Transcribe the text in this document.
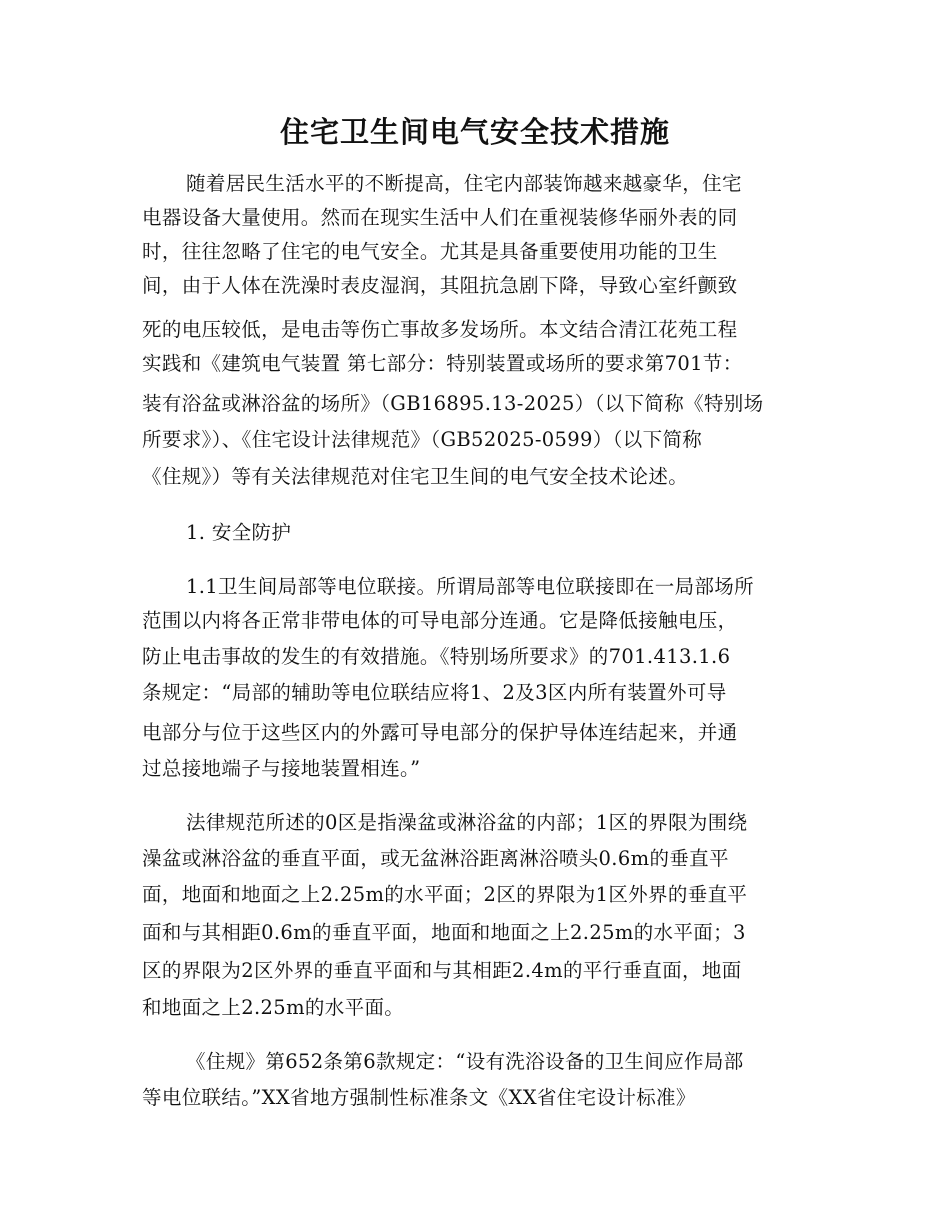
住宅卫生间电气安全技术措施
随着居民生活水平的不断提高，住宅内部装饰越来越豪华，住宅
电器设备大量使用。然而在现实生活中人们在重视装修华丽外表的同
时，往往忽略了住宅的电气安全。尤其是具备重要使用功能的卫生
间，由于人体在洗澡时表皮湿润，其阻抗急剧下降，导致心室纤颤致
死的电压较低，是电击等伤亡事故多发场所。本文结合清江花苑工程
实践和《建筑电气装置 第七部分：特别装置或场所的要求第701节：
装有浴盆或淋浴盆的场所》（GB16895.13-2025）（以下简称《特别场
所要求》）、《住宅设计法律规范》（GB52025-0599）（以下简称
《住规》）等有关法律规范对住宅卫生间的电气安全技术论述。
1. 安全防护
1.1卫生间局部等电位联接。所谓局部等电位联接即在一局部场所
范围以内将各正常非带电体的可导电部分连通。它是降低接触电压，
防止电击事故的发生的有效措施。《特别场所要求》的701.413.1.6
条规定：“局部的辅助等电位联结应将1、2及3区内所有装置外可导
电部分与位于这些区内的外露可导电部分的保护导体连结起来，并通
过总接地端子与接地装置相连。”
法律规范所述的0区是指澡盆或淋浴盆的内部；1区的界限为围绕
澡盆或淋浴盆的垂直平面，或无盆淋浴距离淋浴喷头0.6m的垂直平
面，地面和地面之上2.25m的水平面；2区的界限为1区外界的垂直平
面和与其相距0.6m的垂直平面，地面和地面之上2.25m的水平面；3
区的界限为2区外界的垂直平面和与其相距2.4m的平行垂直面，地面
和地面之上2.25m的水平面。
《住规》第652条第6款规定：“设有洗浴设备的卫生间应作局部
等电位联结。”XX省地方强制性标准条文《XX省住宅设计标准》
